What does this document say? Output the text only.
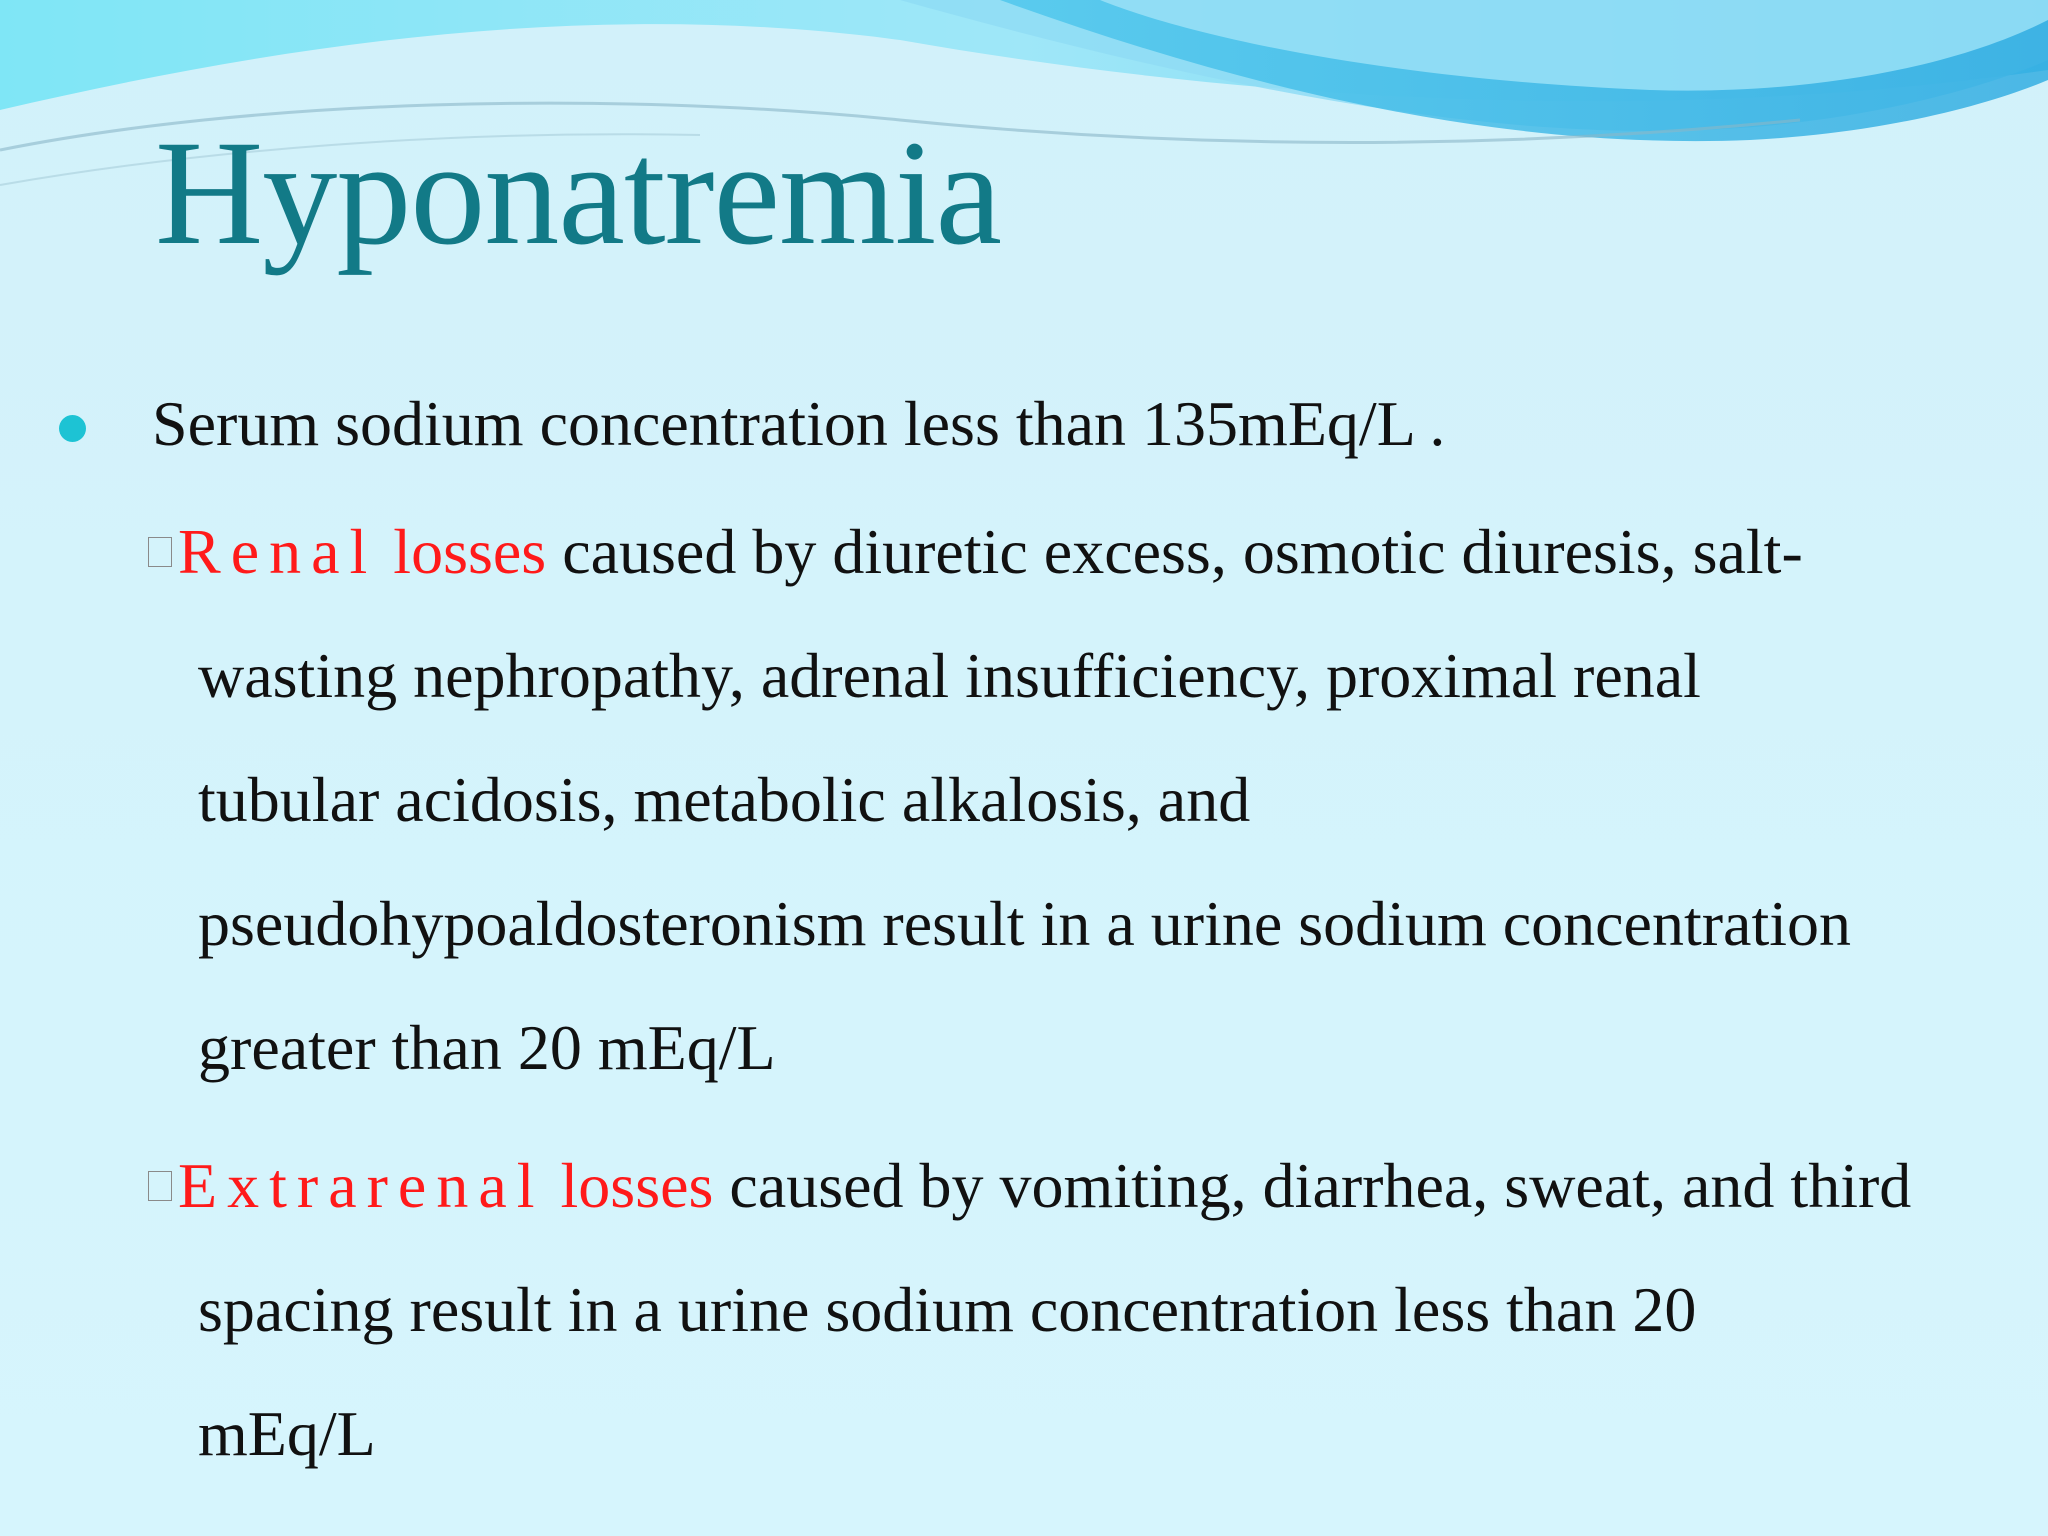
Hyponatremia

Serum sodium concentration less than 135mEq/L .

Renal losses caused by diuretic excess, osmotic diuresis, salt-

wasting nephropathy, adrenal insufficiency, proximal renal

tubular acidosis, metabolic alkalosis, and

pseudohypoaldosteronism result in a urine sodium concentration

greater than 20 mEq/L

Extrarenal losses caused by vomiting, diarrhea, sweat, and third

spacing result in a urine sodium concentration less than 20

mEq/L
